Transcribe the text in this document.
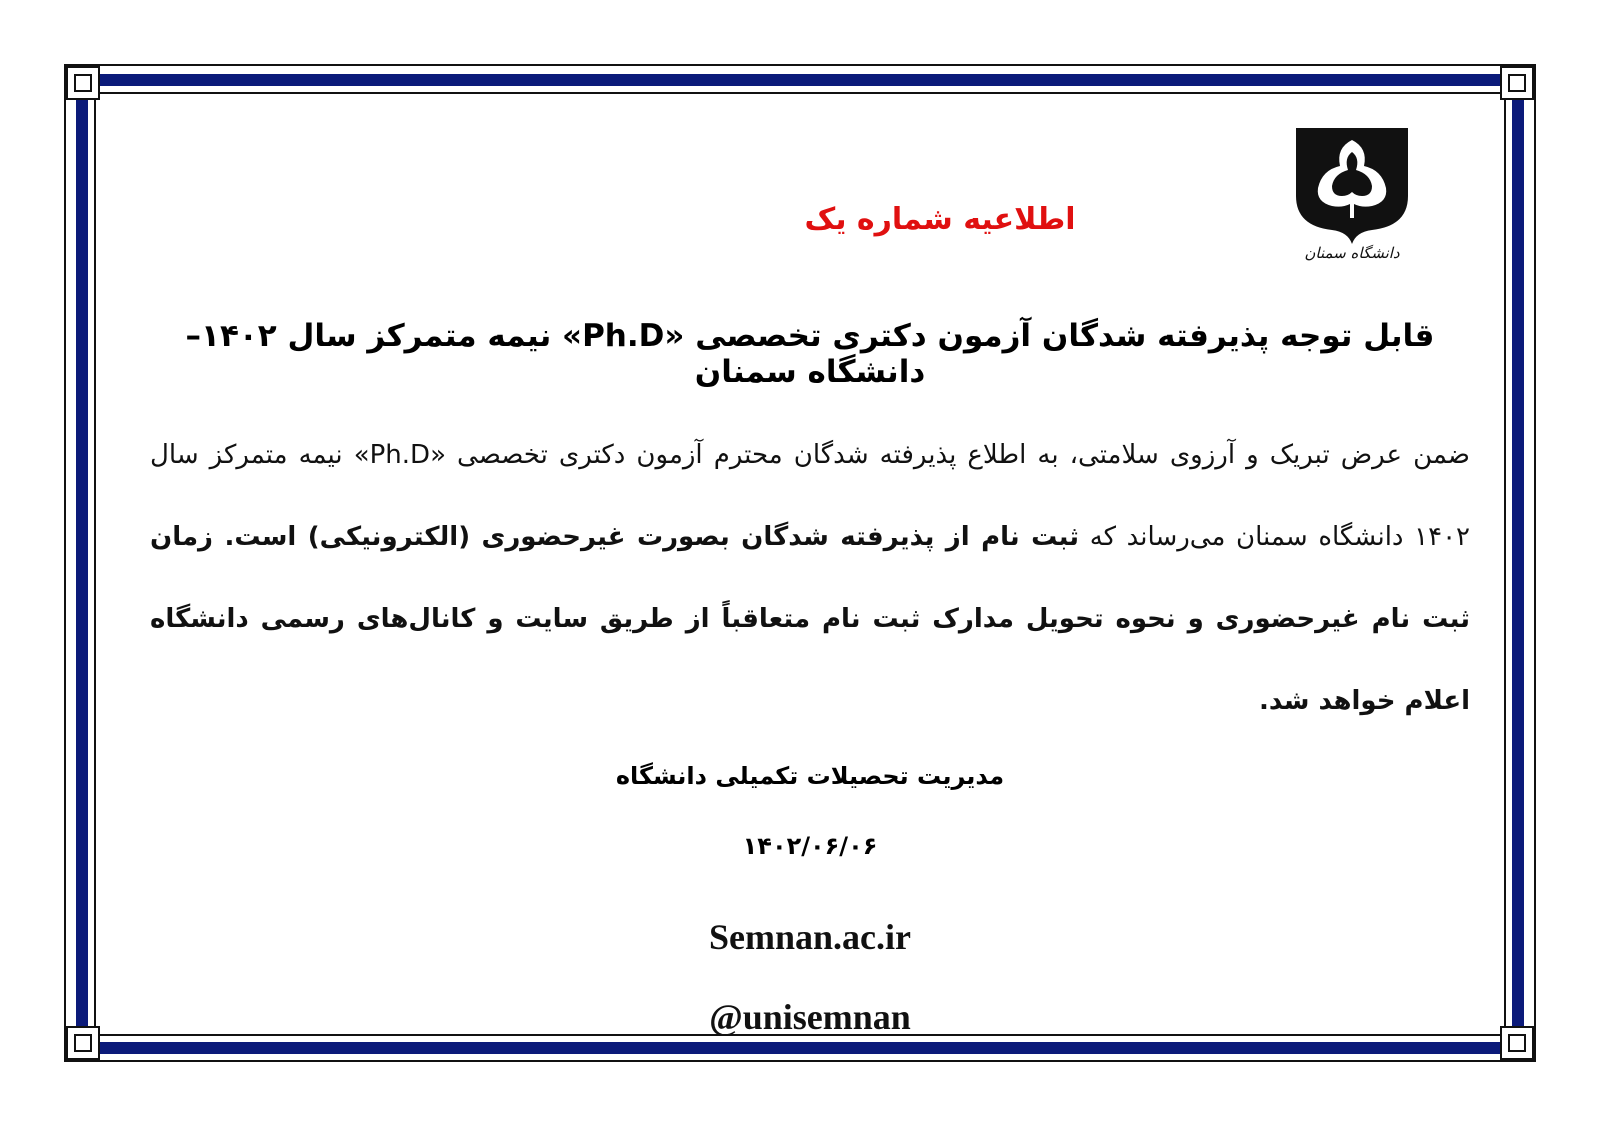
دانشگاه سمنان
اطلاعیه شماره یک
قابل توجه پذیرفته شدگان آزمون دکتری تخصصی «Ph.D» نیمه متمرکز سال ۱۴۰۲– دانشگاه سمنان
ضمن عرض تبریک و آرزوی سلامتی، به اطلاع پذیرفته شدگان محترم آزمون دکتری تخصصی «Ph.D» نیمه متمرکز سال ۱۴۰۲ دانشگاه سمنان می‌رساند که ثبت نام از پذیرفته شدگان بصورت غیرحضوری (الکترونیکی) است. زمان ثبت نام غیرحضوری و نحوه تحویل مدارک ثبت نام متعاقباً از طریق سایت و کانال‌های رسمی دانشگاه اعلام خواهد شد.
مدیریت تحصیلات تکمیلی دانشگاه
۱۴۰۲/۰۶/۰۶
Semnan.ac.ir
@unisemnan
